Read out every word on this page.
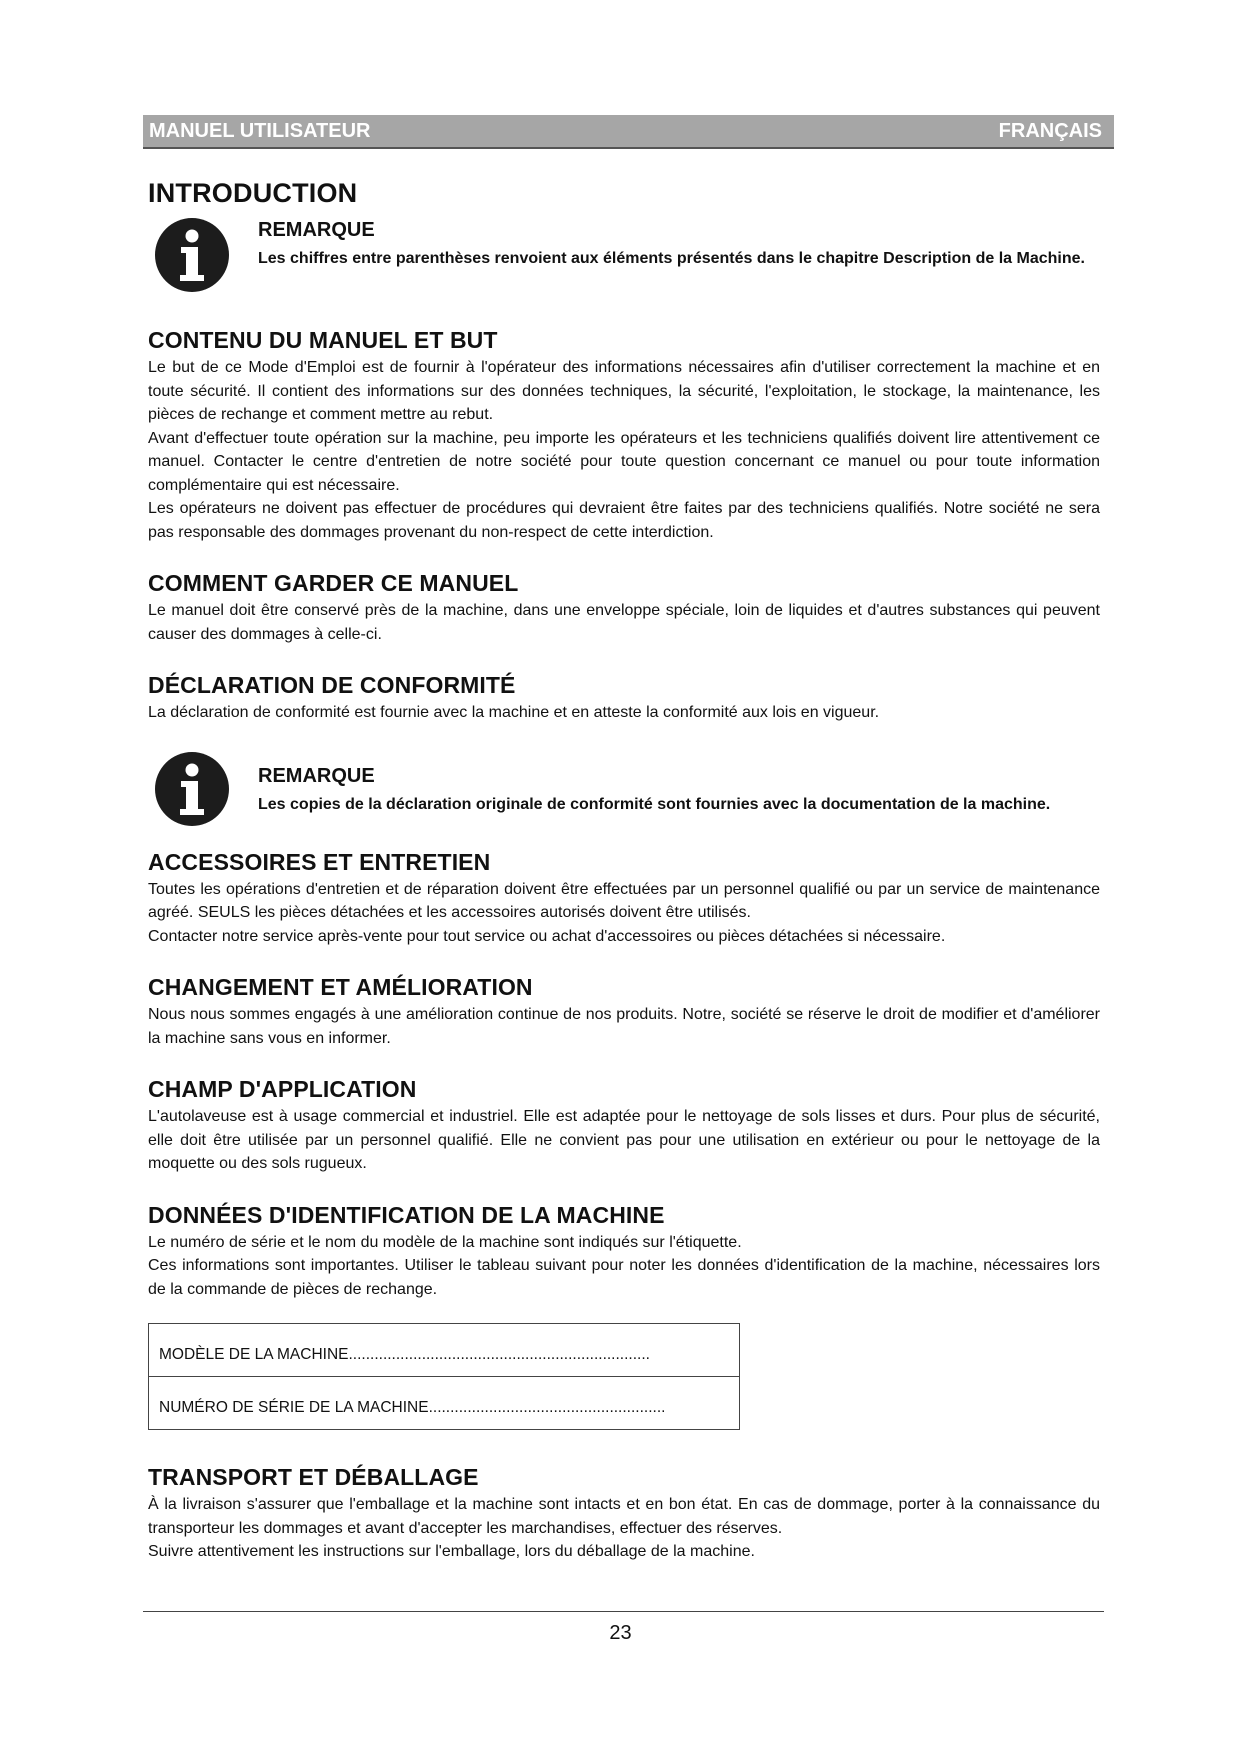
MANUEL UTILISATEUR	FRANÇAIS
INTRODUCTION
REMARQUE

Les chiffres entre parenthèses renvoient aux éléments présentés dans le chapitre Description de la Machine.

CONTENU DU MANUEL ET BUT

Le but de ce Mode d'Emploi est de fournir à l'opérateur des informations nécessaires afin d'utiliser correctement la machine et en toute sécurité. Il contient des informations sur des données techniques, la sécurité, l'exploitation, le stockage, la maintenance, les pièces de rechange et comment mettre au rebut.

Avant d'effectuer toute opération sur la machine, peu importe les opérateurs et les techniciens qualifiés doivent lire attentivement ce manuel. Contacter le centre d'entretien de notre société pour toute question concernant ce manuel ou pour toute information complémentaire qui est nécessaire.

Les opérateurs ne doivent pas effectuer de procédures qui devraient être faites par des techniciens qualifiés. Notre société ne sera pas responsable des dommages provenant du non-respect de cette interdiction.

COMMENT GARDER CE MANUEL

Le manuel doit être conservé près de la machine, dans une enveloppe spéciale, loin de liquides et d'autres substances qui peuvent causer des dommages à celle-ci.

DÉCLARATION DE CONFORMITÉ

La déclaration de conformité est fournie avec la machine et en atteste la conformité aux lois en vigueur.

REMARQUE

Les copies de la déclaration originale de conformité sont fournies avec la documentation de la machine.

ACCESSOIRES ET ENTRETIEN

Toutes les opérations d'entretien et de réparation doivent être effectuées par un personnel qualifié ou par un service de maintenance agréé. SEULS les pièces détachées et les accessoires autorisés doivent être utilisés.

Contacter notre service après-vente pour tout service ou achat d'accessoires ou pièces détachées si nécessaire.

CHANGEMENT ET AMÉLIORATION

Nous nous sommes engagés à une amélioration continue de nos produits. Notre, société se réserve le droit de modifier et d'améliorer la machine sans vous en informer.

CHAMP D'APPLICATION

L'autolaveuse est à usage commercial et industriel. Elle est adaptée pour le nettoyage de sols lisses et durs. Pour plus de sécurité, elle doit être utilisée par un personnel qualifié. Elle ne convient pas pour une utilisation en extérieur ou pour le nettoyage de la moquette ou des sols rugueux.

DONNÉES D'IDENTIFICATION DE LA MACHINE

Le numéro de série et le nom du modèle de la machine sont indiqués sur l'étiquette.

Ces informations sont importantes. Utiliser le tableau suivant pour noter les données d'identification de la machine, nécessaires lors de la commande de pièces de rechange.

MODÈLE DE LA MACHINE......................................................................
NUMÉRO DE SÉRIE DE LA MACHINE.......................................................
TRANSPORT ET DÉBALLAGE

À la livraison s'assurer que l'emballage et la machine sont intacts et en bon état. En cas de dommage, porter à la connaissance du transporteur les dommages et avant d'accepter les marchandises, effectuer des réserves.

Suivre attentivement les instructions sur l'emballage, lors du déballage de la machine.

23
